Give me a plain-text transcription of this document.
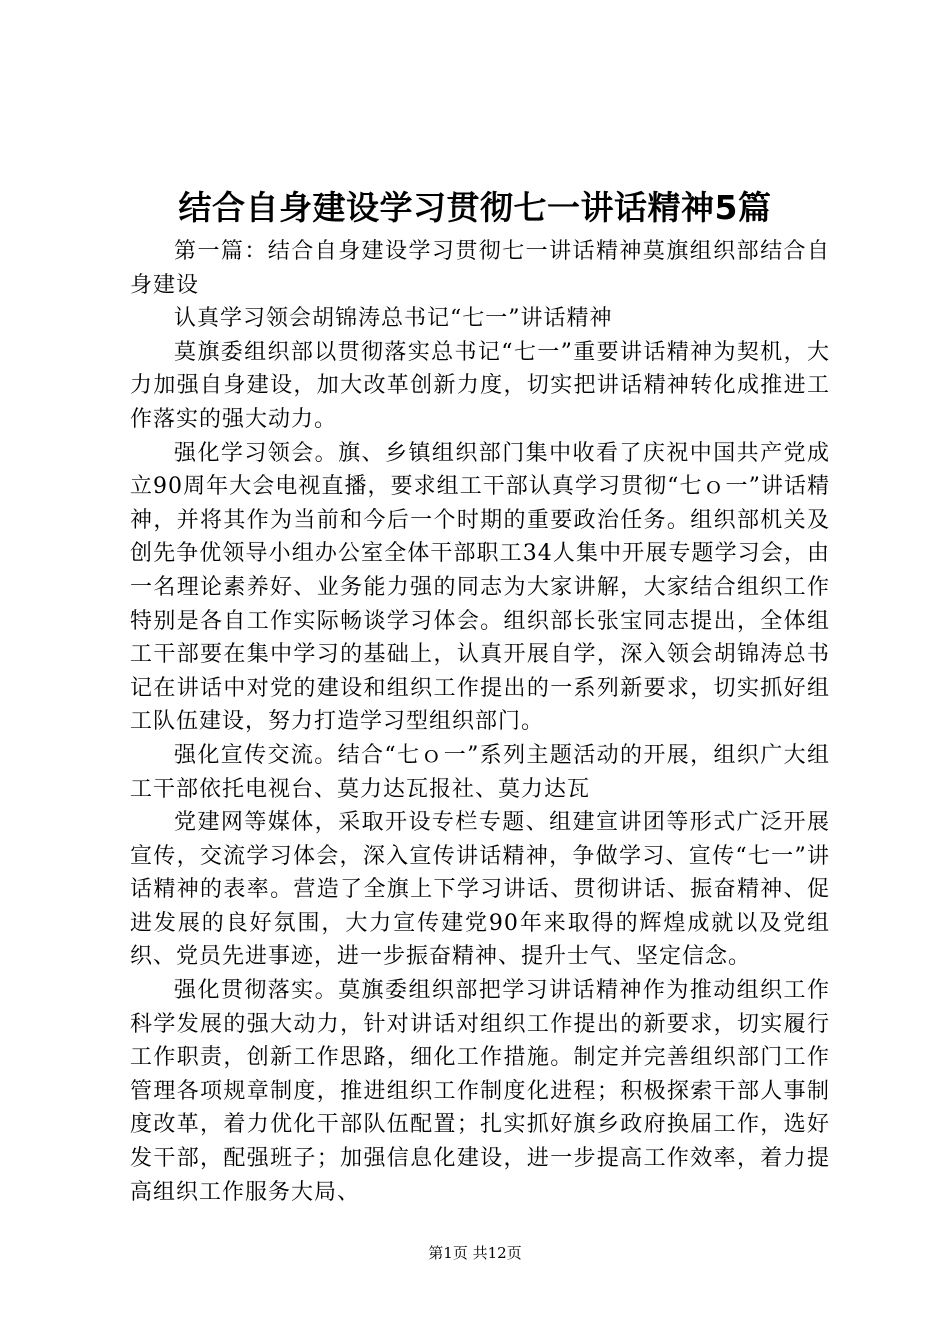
结合自身建设学习贯彻七一讲话精神5篇

第一篇：结合自身建设学习贯彻七一讲话精神莫旗组织部结合自身建设

认真学习领会胡锦涛总书记“七一”讲话精神

莫旗委组织部以贯彻落实总书记“七一”重要讲话精神为契机，大力加强自身建设，加大改革创新力度，切实把讲话精神转化成推进工作落实的强大动力。

强化学习领会。旗、乡镇组织部门集中收看了庆祝中国共产党成立90周年大会电视直播，要求组工干部认真学习贯彻“七ｏ一”讲话精神，并将其作为当前和今后一个时期的重要政治任务。组织部机关及创先争优领导小组办公室全体干部职工34人集中开展专题学习会，由一名理论素养好、业务能力强的同志为大家讲解，大家结合组织工作特别是各自工作实际畅谈学习体会。组织部长张宝同志提出，全体组工干部要在集中学习的基础上，认真开展自学，深入领会胡锦涛总书记在讲话中对党的建设和组织工作提出的一系列新要求，切实抓好组工队伍建设，努力打造学习型组织部门。

强化宣传交流。结合“七ｏ一”系列主题活动的开展，组织广大组工干部依托电视台、莫力达瓦报社、莫力达瓦

党建网等媒体，采取开设专栏专题、组建宣讲团等形式广泛开展宣传，交流学习体会，深入宣传讲话精神，争做学习、宣传“七一”讲话精神的表率。营造了全旗上下学习讲话、贯彻讲话、振奋精神、促进发展的良好氛围，大力宣传建党90年来取得的辉煌成就以及党组织、党员先进事迹，进一步振奋精神、提升士气、坚定信念。

强化贯彻落实。莫旗委组织部把学习讲话精神作为推动组织工作科学发展的强大动力，针对讲话对组织工作提出的新要求，切实履行工作职责，创新工作思路，细化工作措施。制定并完善组织部门工作管理各项规章制度，推进组织工作制度化进程；积极探索干部人事制度改革，着力优化干部队伍配置；扎实抓好旗乡政府换届工作，选好发干部，配强班子；加强信息化建设，进一步提高工作效率，着力提高组织工作服务大局、

第1页 共12页
